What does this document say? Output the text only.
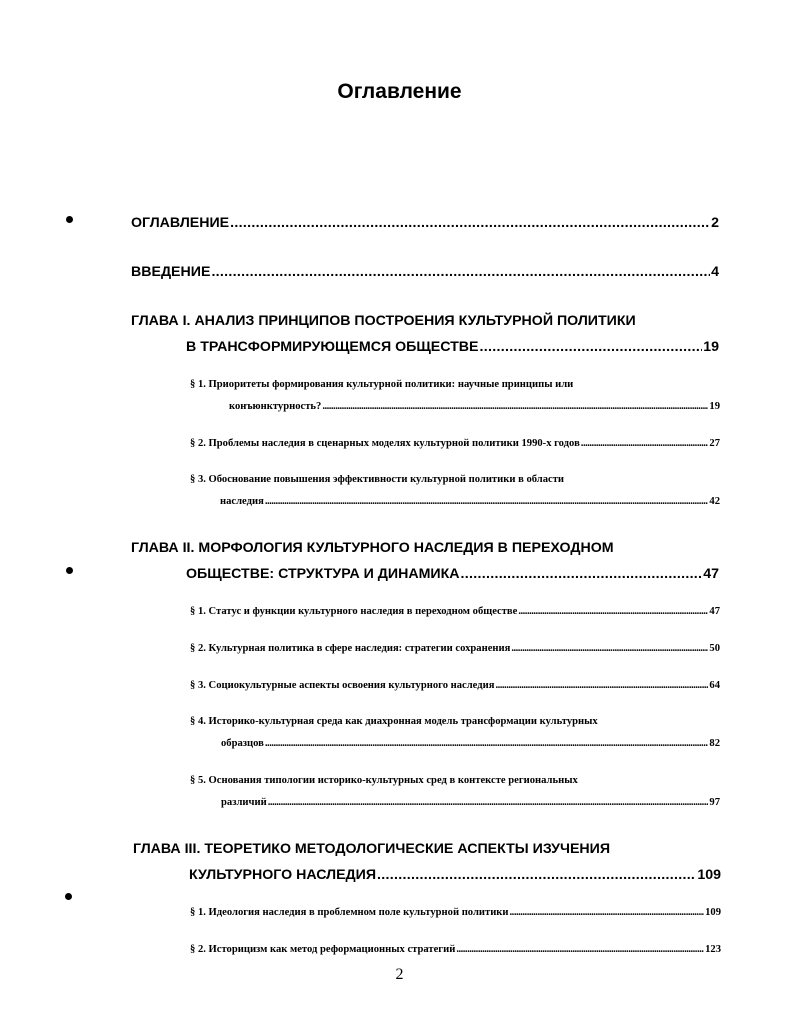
Оглавление
ОГЛАВЛЕНИЕ .....	2
ВВЕДЕНИЕ .....	4
ГЛАВА I. АНАЛИЗ ПРИНЦИПОВ ПОСТРОЕНИЯ КУЛЬТУРНОЙ ПОЛИТИКИ
В ТРАНСФОРМИРУЮЩЕМСЯ ОБЩЕСТВЕ .....	19
§ 1. Приоритеты формирования культурной политики: научные принципы или
конъюнктурность? .....	19
§ 2. Проблемы наследия в сценарных моделях культурной политики 1990-х годов .....	27
§ 3. Обоснование повышения эффективности культурной политики в области
наследия .....	42
ГЛАВА II. МОРФОЛОГИЯ КУЛЬТУРНОГО НАСЛЕДИЯ В ПЕРЕХОДНОМ
ОБЩЕСТВЕ: СТРУКТУРА И ДИНАМИКА .....	47
§ 1. Статус и функции культурного наследия в переходном обществе .....	47
§ 2. Культурная политика в сфере наследия: стратегии сохранения .....	50
§ 3. Социокультурные аспекты освоения культурного наследия .....	64
§ 4. Историко-культурная среда как диахронная модель трансформации культурных
образцов .....	82
§ 5. Основания типологии историко-культурных сред в контексте региональных
различий .....	97
ГЛАВА III. ТЕОРЕТИКО МЕТОДОЛОГИЧЕСКИЕ АСПЕКТЫ ИЗУЧЕНИЯ
КУЛЬТУРНОГО НАСЛЕДИЯ .....	109
§ 1. Идеология наследия в проблемном поле культурной политики .....	109
§ 2. Историцизм как метод реформационных стратегий .....	123
2
